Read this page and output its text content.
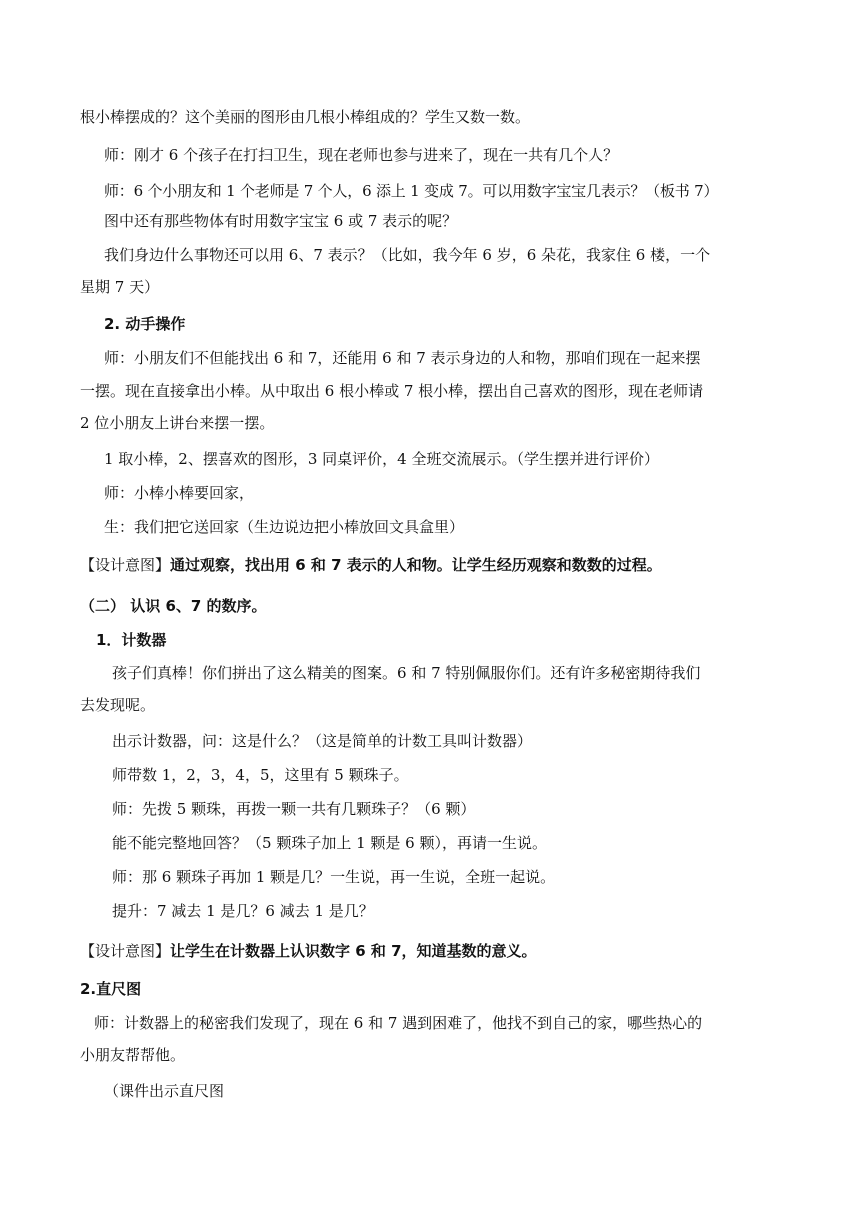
根小棒摆成的？这个美丽的图形由几根小棒组成的？学生又数一数。
师：刚才 6 个孩子在打扫卫生，现在老师也参与进来了，现在一共有几个人？
师：6 个小朋友和 1 个老师是 7 个人，6 添上 1 变成 7。可以用数字宝宝几表示？（板书 7）
图中还有那些物体有时用数字宝宝 6 或 7 表示的呢？
我们身边什么事物还可以用 6、7 表示？（比如，我今年 6 岁，6 朵花，我家住 6 楼，一个
星期 7 天）
2. 动手操作
师：小朋友们不但能找出 6 和 7，还能用 6 和 7 表示身边的人和物，那咱们现在一起来摆
一摆。现在直接拿出小棒。从中取出 6 根小棒或 7 根小棒，摆出自己喜欢的图形，现在老师请
2 位小朋友上讲台来摆一摆。
1 取小棒，2、摆喜欢的图形，3 同桌评价，4 全班交流展示。（学生摆并进行评价）
师：小棒小棒要回家，
生：我们把它送回家（生边说边把小棒放回文具盒里）
【设计意图】通过观察，找出用 6 和 7 表示的人和物。让学生经历观察和数数的过程。
（二） 认识 6、7 的数序。
1．计数器
孩子们真棒！你们拼出了这么精美的图案。6 和 7 特别佩服你们。还有许多秘密期待我们
去发现呢。
出示计数器，问：这是什么？（这是简单的计数工具叫计数器）
师带数 1，2，3，4，5，这里有 5 颗珠子。
师：先拨 5 颗珠，再拨一颗一共有几颗珠子？（6 颗）
能不能完整地回答？（5 颗珠子加上 1 颗是 6 颗），再请一生说。
师：那 6 颗珠子再加 1 颗是几？一生说，再一生说，全班一起说。
提升：7 减去 1 是几？6 减去 1 是几？
【设计意图】让学生在计数器上认识数字 6 和 7，知道基数的意义。
2.直尺图
师：计数器上的秘密我们发现了，现在 6 和 7 遇到困难了，他找不到自己的家，哪些热心的
小朋友帮帮他。
（课件出示直尺图
